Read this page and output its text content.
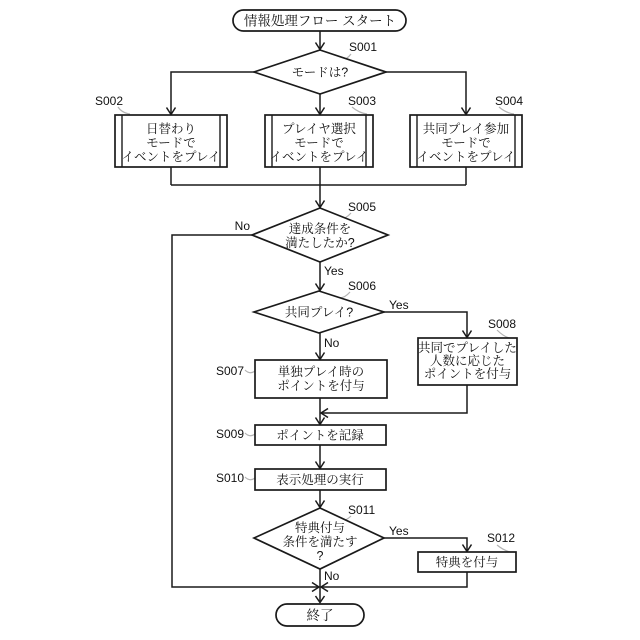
情報処理フロー スタート
モードは?
日替わり
モードで
イベントをプレイ
プレイヤ選択
モードで
イベントをプレイ
共同プレイ参加
モードで
イベントをプレイ
達成条件を
満たしたか?
共同プレイ?
単独プレイ時の
ポイントを付与
共同でプレイした
人数に応じた
ポイントを付与
ポイントを記録
表示処理の実行
特典付与
条件を満たす
?	特典を付与
終了
S001
S002	S003	S004
S005
S006
S007
S008
S009
S010
S011
S012
No
Yes
Yes
No
Yes
No
